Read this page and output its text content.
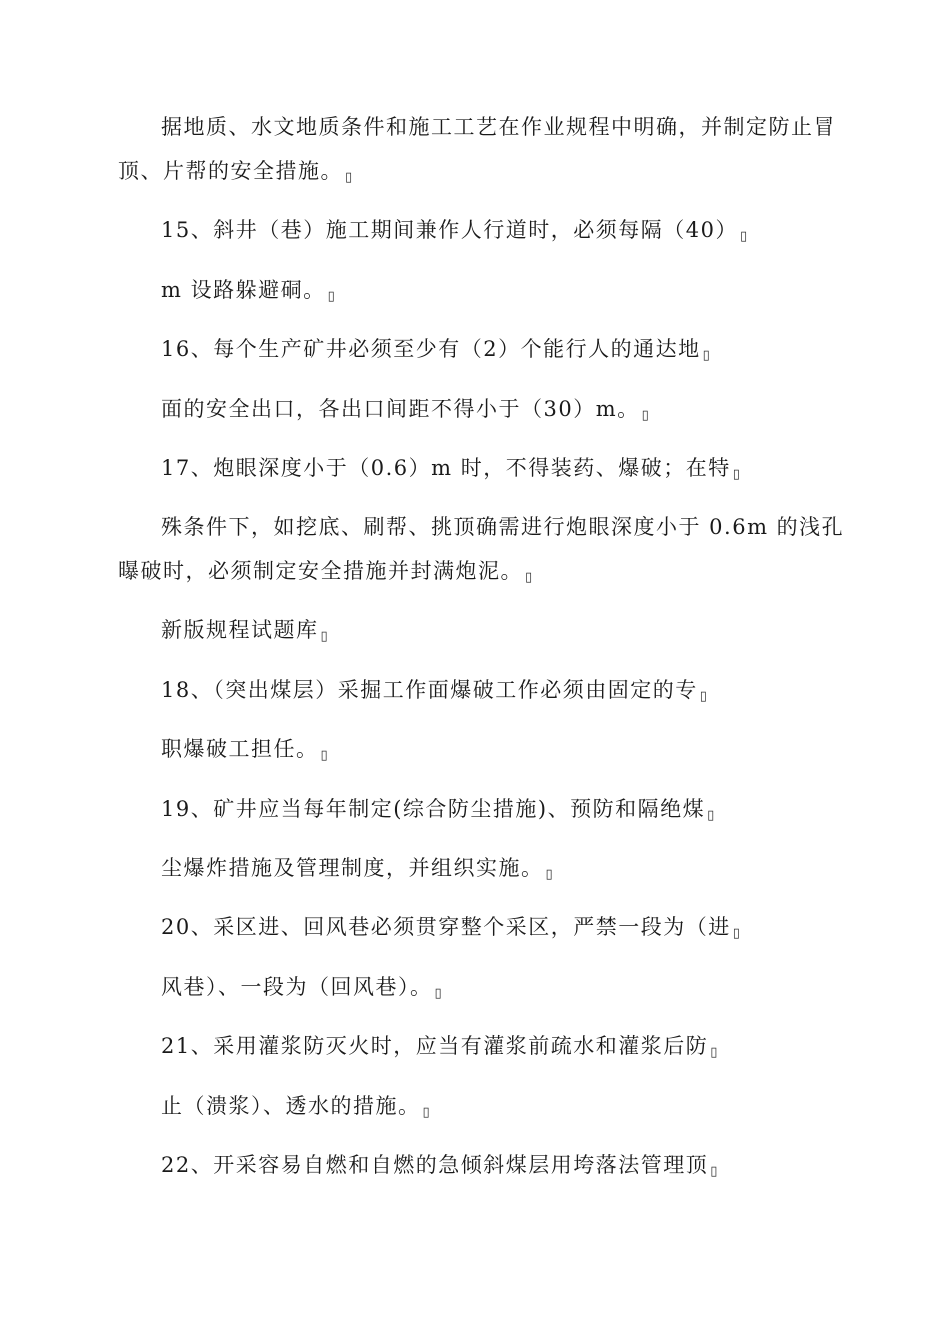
据地质、水文地质条件和施工工艺在作业规程中明确，并制定防止冒
顶、片帮的安全措施。 ▯
15、斜井（巷）施工期间兼作人行道时，必须每隔（40） ▯
m 设路躲避硐。 ▯
16、每个生产矿井必须至少有（2）个能行人的通达地 ▯
面的安全出口，各出口间距不得小于（30）m。 ▯
17、炮眼深度小于（0.6）m 时，不得装药、爆破；在特 ▯
殊条件下，如挖底、刷帮、挑顶确需进行炮眼深度小于 0.6m 的浅孔
曝破时，必须制定安全措施并封满炮泥。 ▯
新版规程试题库 ▯
18、（突出煤层）采掘工作面爆破工作必须由固定的专 ▯
职爆破工担任。 ▯
19、矿井应当每年制定(综合防尘措施)、预防和隔绝煤 ▯
尘爆炸措施及管理制度，并组织实施。 ▯
20、采区进、回风巷必须贯穿整个采区，严禁一段为（进 ▯
风巷）、一段为（回风巷）。 ▯
21、采用灌浆防灭火时，应当有灌浆前疏水和灌浆后防 ▯
止（溃浆）、透水的措施。 ▯
22、开采容易自燃和自燃的急倾斜煤层用垮落法管理顶 ▯
